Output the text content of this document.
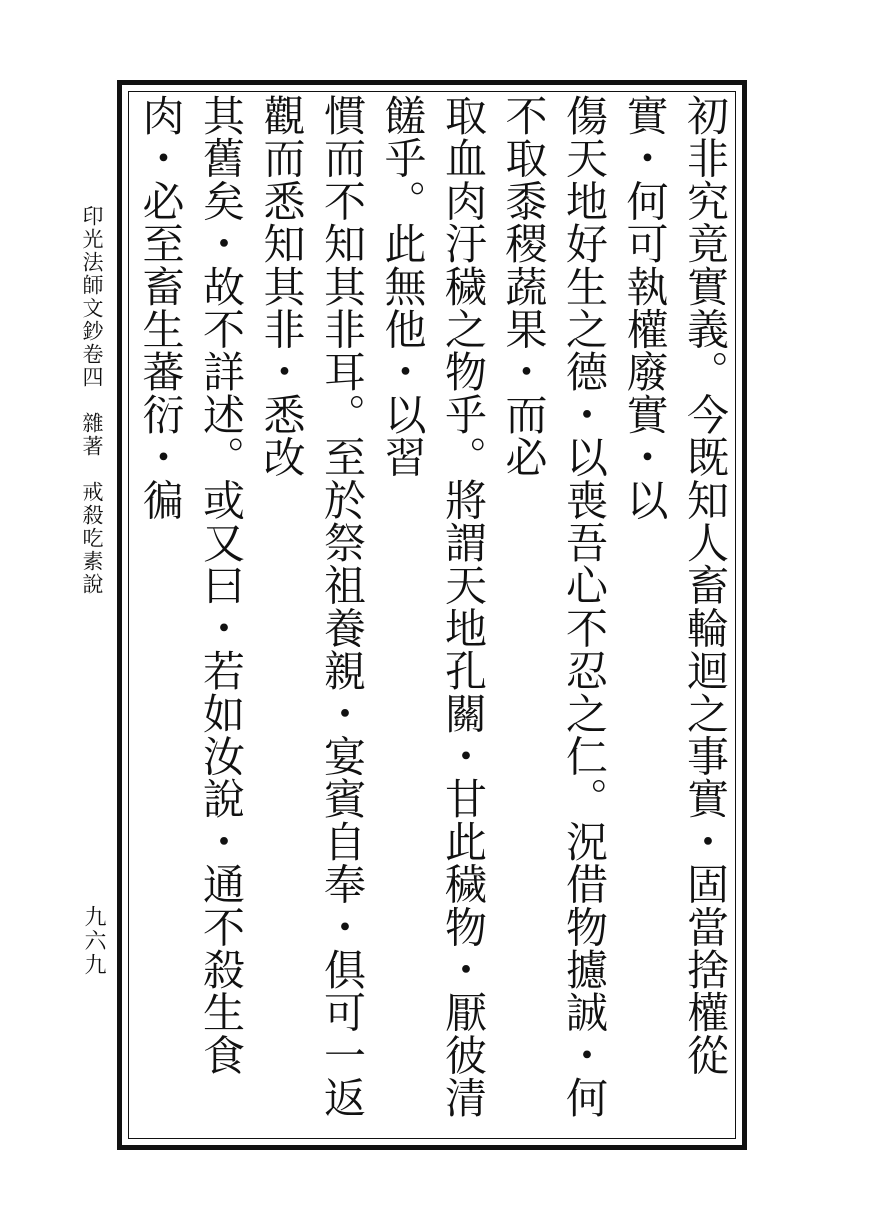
印光法師文鈔卷四　雜著　戒殺吃素說
九六九	初非究竟實義。今既知人畜輪迴之事實・固當捨權從實・何可執權廢實・以
傷天地好生之德・以喪吾心不忍之仁。況借物攄誠・何不取黍稷蔬果・而必
取血肉汙穢之物乎。將謂天地孔關・甘此穢物・厭彼清饈乎。此無他・以習
慣而不知其非耳。至於祭祖養親・宴賓自奉・俱可一返觀而悉知其非・悉改
其舊矣・故不詳述。或又曰・若如汝說・通不殺生食肉・必至畜生蕃衍・徧
